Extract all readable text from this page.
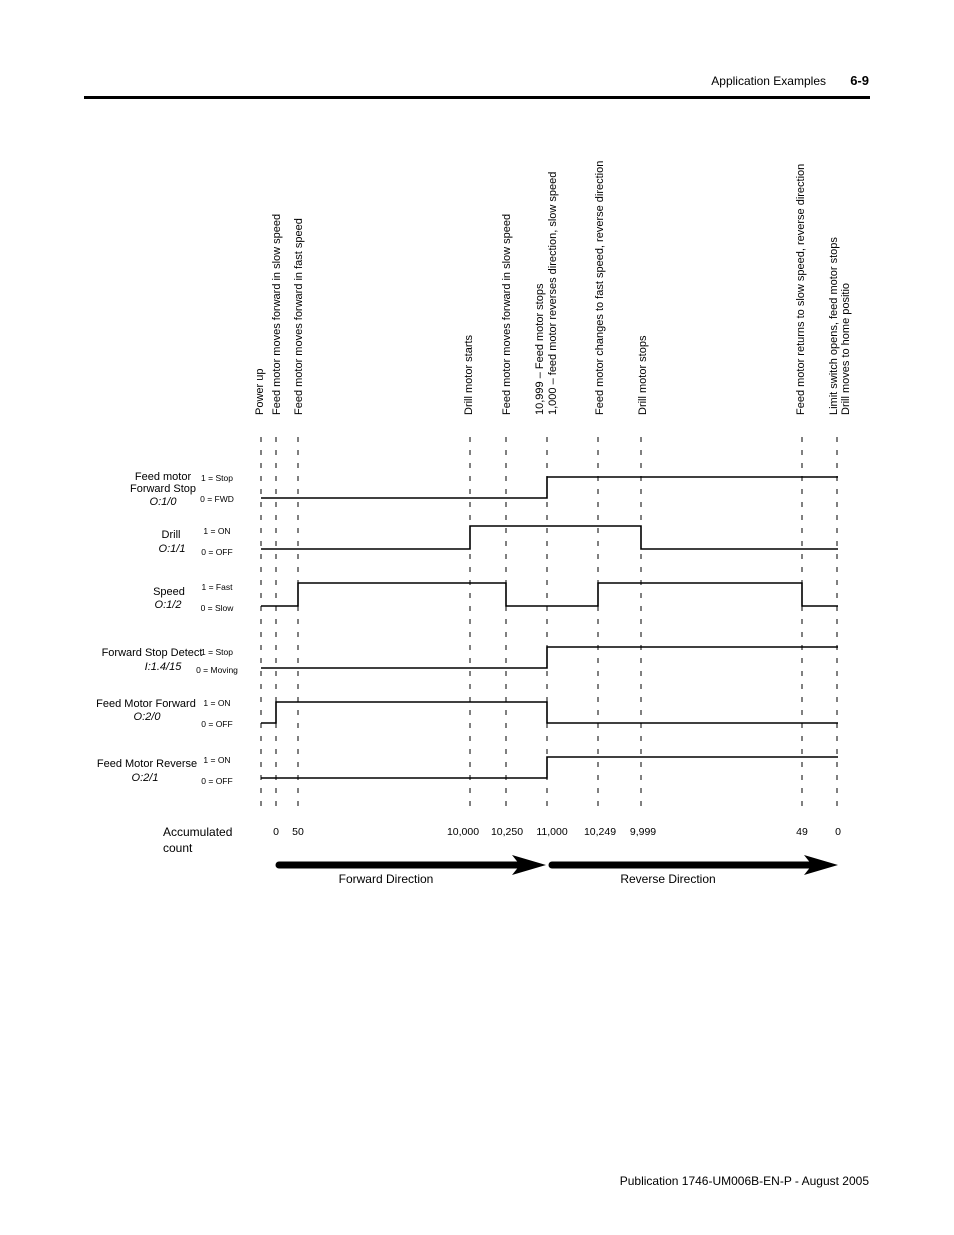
Application Examples 6-9
Power up Feed motor moves forward in slow speed Feed motor moves forward in fast speed	Drill motor starts Feed motor moves forward in slow speed 10,999 – Feed motor stops 1,000 – feed motor reverses direction, slow speed	Feed motor changes to fast speed, reverse direction	Drill motor stops	Feed motor returns to slow speed, reverse direction Limit switch opens, feed motor stops Drill moves to home positio
Feed motor
Forward Stop
O:1/0
1 = Stop
0 = FWD
Drill
O:1/1
1 = ON
0 = OFF
Speed
O:1/2
1 = Fast
0 = Slow
Forward Stop Detect
I:1.4/15
1 = Stop
0 = Moving
Feed Motor Forward
O:2/0
1 = ON
0 = OFF
Feed Motor Reverse
O:2/1
1 = ON
0 = OFF
Accumulated
count
0 50	10,000 10,250 11,000 10,249 9,999	49	0
Forward Direction	Reverse Direction
Publication 1746-UM006B-EN-P - August 2005
